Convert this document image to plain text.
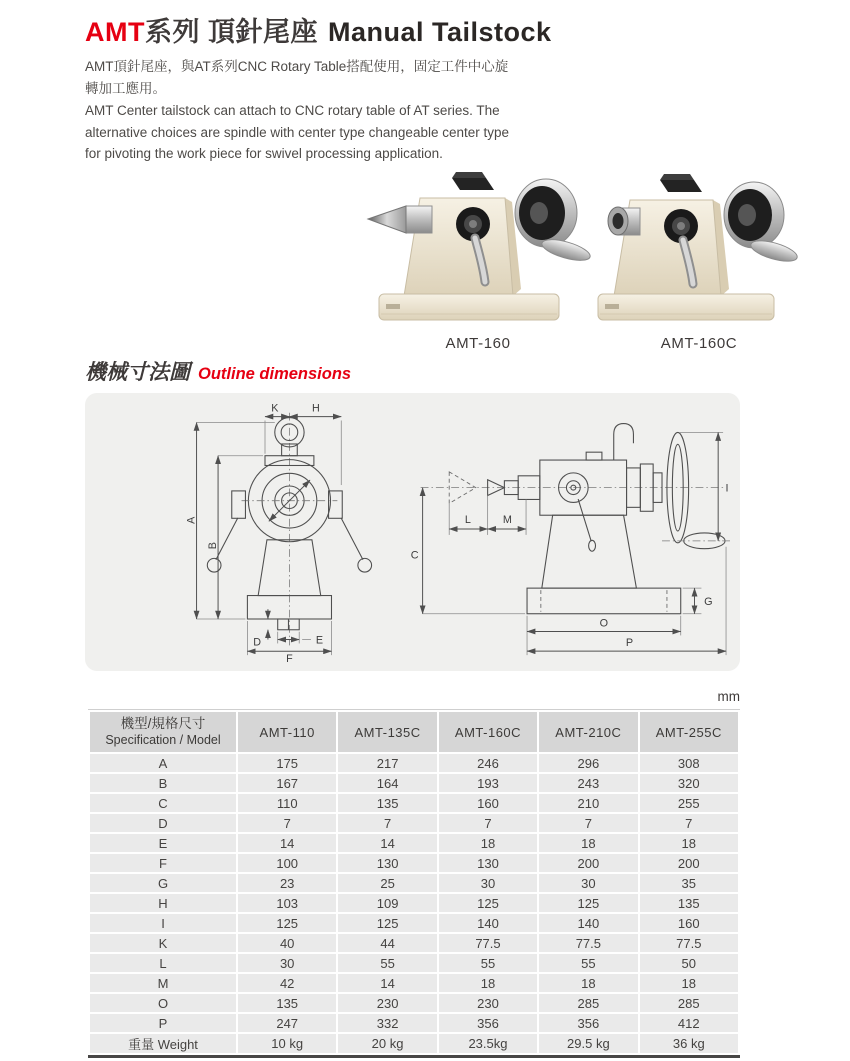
AMT系列 頂針尾座 Manual Tailstock

AMT頂針尾座，與AT系列CNC Rotary Table搭配使用，固定工件中心旋轉加工應用。

AMT Center tailstock can attach to CNC rotary table of AT series. The alternative choices are spindle with center type changeable center type for pivoting the work piece for swivel processing application.

AMT-160	AMT-160C
機械寸法圖 Outline dimensions
K	H
A
B
D	E
F
C
L	M
I
G
O
P
mm
機型/規格尺寸
Specification / Model	AMT-110	AMT-135C	AMT-160C	AMT-210C	AMT-255C
A	175	217	246	296	308
B	167	164	193	243	320
C	110	135	160	210	255
D	7	7	7	7	7
E	14	14	18	18	18
F	100	130	130	200	200
G	23	25	30	30	35
H	103	109	125	125	135
I	125	125	140	140	160
K	40	44	77.5	77.5	77.5
L	30	55	55	55	50
M	42	14	18	18	18
O	135	230	230	285	285
P	247	332	356	356	412
重量 Weight	10 kg	20 kg	23.5kg	29.5 kg	36 kg
